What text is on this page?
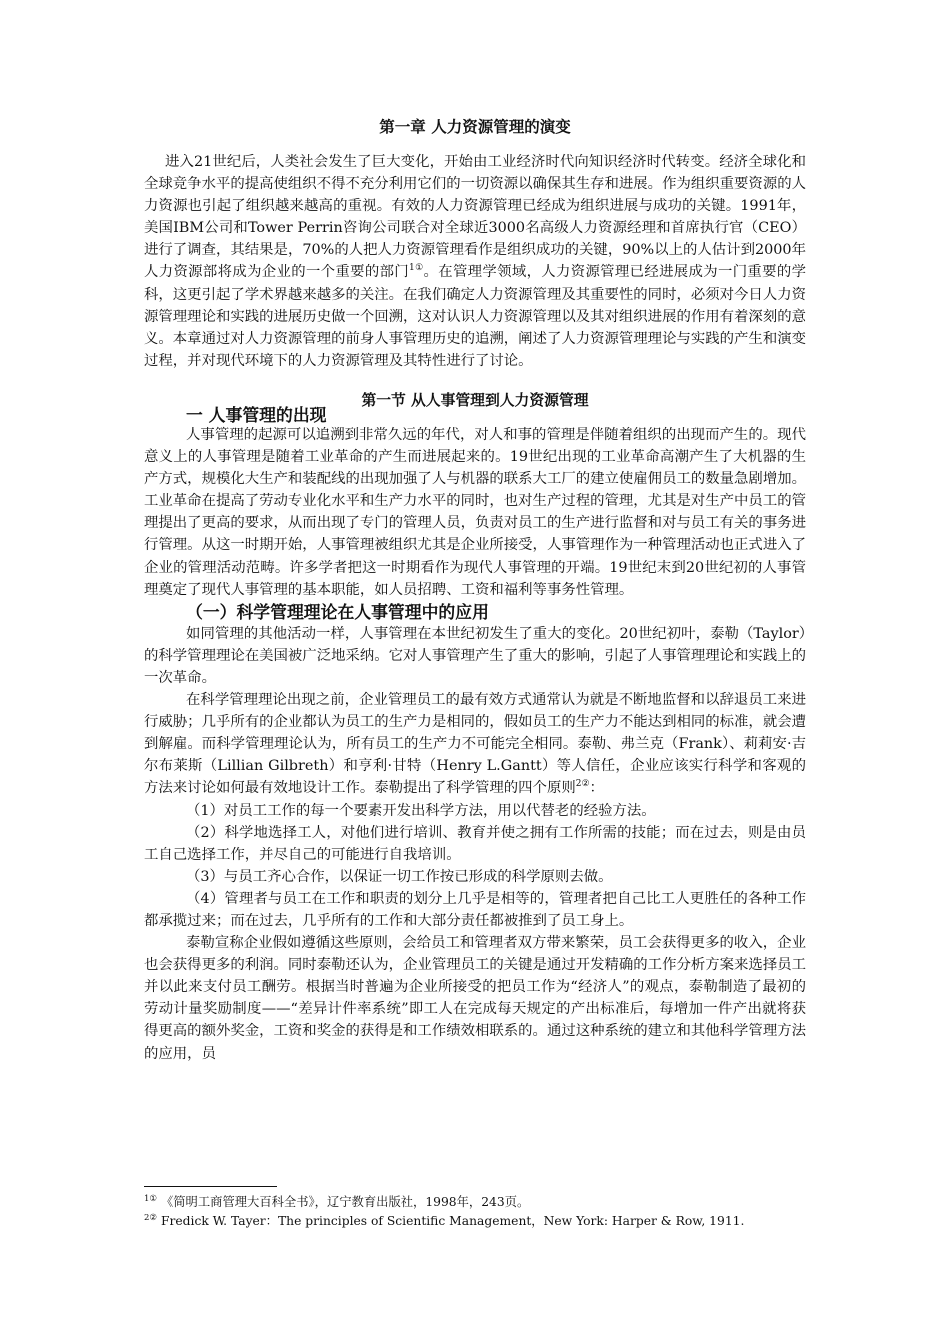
第一章 人力资源管理的演变

进入21世纪后，人类社会发生了巨大变化，开始由工业经济时代向知识经济时代转变。经济全球化和全球竞争水平的提高使组织不得不充分利用它们的一切资源以确保其生存和进展。作为组织重要资源的人力资源也引起了组织越来越高的重视。有效的人力资源管理已经成为组织进展与成功的关键。1991年，美国IBM公司和Tower Perrin咨询公司联合对全球近3000名高级人力资源经理和首席执行官（CEO）进行了调查，其结果是，70%的人把人力资源管理看作是组织成功的关键，90%以上的人估计到2000年人力资源部将成为企业的一个重要的部门$^{1①}$。在管理学领域，人力资源管理已经进展成为一门重要的学科，这更引起了学术界越来越多的关注。在我们确定人力资源管理及其重要性的同时，必须对今日人力资源管理理论和实践的进展历史做一个回溯，这对认识人力资源管理以及其对组织进展的作用有着深刻的意义。本章通过对人力资源管理的前身人事管理历史的追溯，阐述了人力资源管理理论与实践的产生和演变过程，并对现代环境下的人力资源管理及其特性进行了讨论。

第一节 从人事管理到人力资源管理
一 人事管理的出现

人事管理的起源可以追溯到非常久远的年代，对人和事的管理是伴随着组织的出现而产生的。现代意义上的人事管理是随着工业革命的产生而进展起来的。19世纪出现的工业革命高潮产生了大机器的生产方式，规模化大生产和装配线的出现加强了人与机器的联系大工厂的建立使雇佣员工的数量急剧增加。工业革命在提高了劳动专业化水平和生产力水平的同时，也对生产过程的管理，尤其是对生产中员工的管理提出了更高的要求，从而出现了专门的管理人员，负责对员工的生产进行监督和对与员工有关的事务进行管理。从这一时期开始，人事管理被组织尤其是企业所接受，人事管理作为一种管理活动也正式进入了企业的管理活动范畴。许多学者把这一时期看作为现代人事管理的开端。19世纪末到20世纪初的人事管理奠定了现代人事管理的基本职能，如人员招聘、工资和福利等事务性管理。

（一）科学管理理论在人事管理中的应用

如同管理的其他活动一样，人事管理在本世纪初发生了重大的变化。20世纪初叶，泰勒（Taylor）的科学管理理论在美国被广泛地采纳。它对人事管理产生了重大的影响，引起了人事管理理论和实践上的一次革命。

在科学管理理论出现之前，企业管理员工的最有效方式通常认为就是不断地监督和以辞退员工来进行威胁；几乎所有的企业都认为员工的生产力是相同的，假如员工的生产力不能达到相同的标准，就会遭到解雇。而科学管理理论认为，所有员工的生产力不可能完全相同。泰勒、弗兰克（Frank）、莉莉安·吉尔布莱斯（Lillian Gilbreth）和亨利·甘特（Henry L.Gantt）等人信任，企业应该实行科学和客观的方法来讨论如何最有效地设计工作。泰勒提出了科学管理的四个原则$^{2②}$：

（1）对员工工作的每一个要素开发出科学方法，用以代替老的经验方法。

（2）科学地选择工人，对他们进行培训、教育并使之拥有工作所需的技能；而在过去，则是由员工自己选择工作，并尽自己的可能进行自我培训。

（3）与员工齐心合作，以保证一切工作按已形成的科学原则去做。

（4）管理者与员工在工作和职责的划分上几乎是相等的，管理者把自己比工人更胜任的各种工作都承揽过来；而在过去，几乎所有的工作和大部分责任都被推到了员工身上。

泰勒宣称企业假如遵循这些原则，会给员工和管理者双方带来繁荣，员工会获得更多的收入，企业也会获得更多的利润。同时泰勒还认为，企业管理员工的关键是通过开发精确的工作分析方案来选择员工并以此来支付员工酬劳。根据当时普遍为企业所接受的把员工作为“经济人”的观点，泰勒制造了最初的劳动计量奖励制度——“差异计件率系统”即工人在完成每天规定的产出标准后，每增加一件产出就将获得更高的额外奖金，工资和奖金的获得是和工作绩效相联系的。通过这种系统的建立和其他科学管理方法的应用，员

$^{1①}$ 《简明工商管理大百科全书》，辽宁教育出版社，1998年，243页。
$^{2②}$ Fredick W. Tayer：The principles of Scientific Management，New York: Harper & Row, 1911.
